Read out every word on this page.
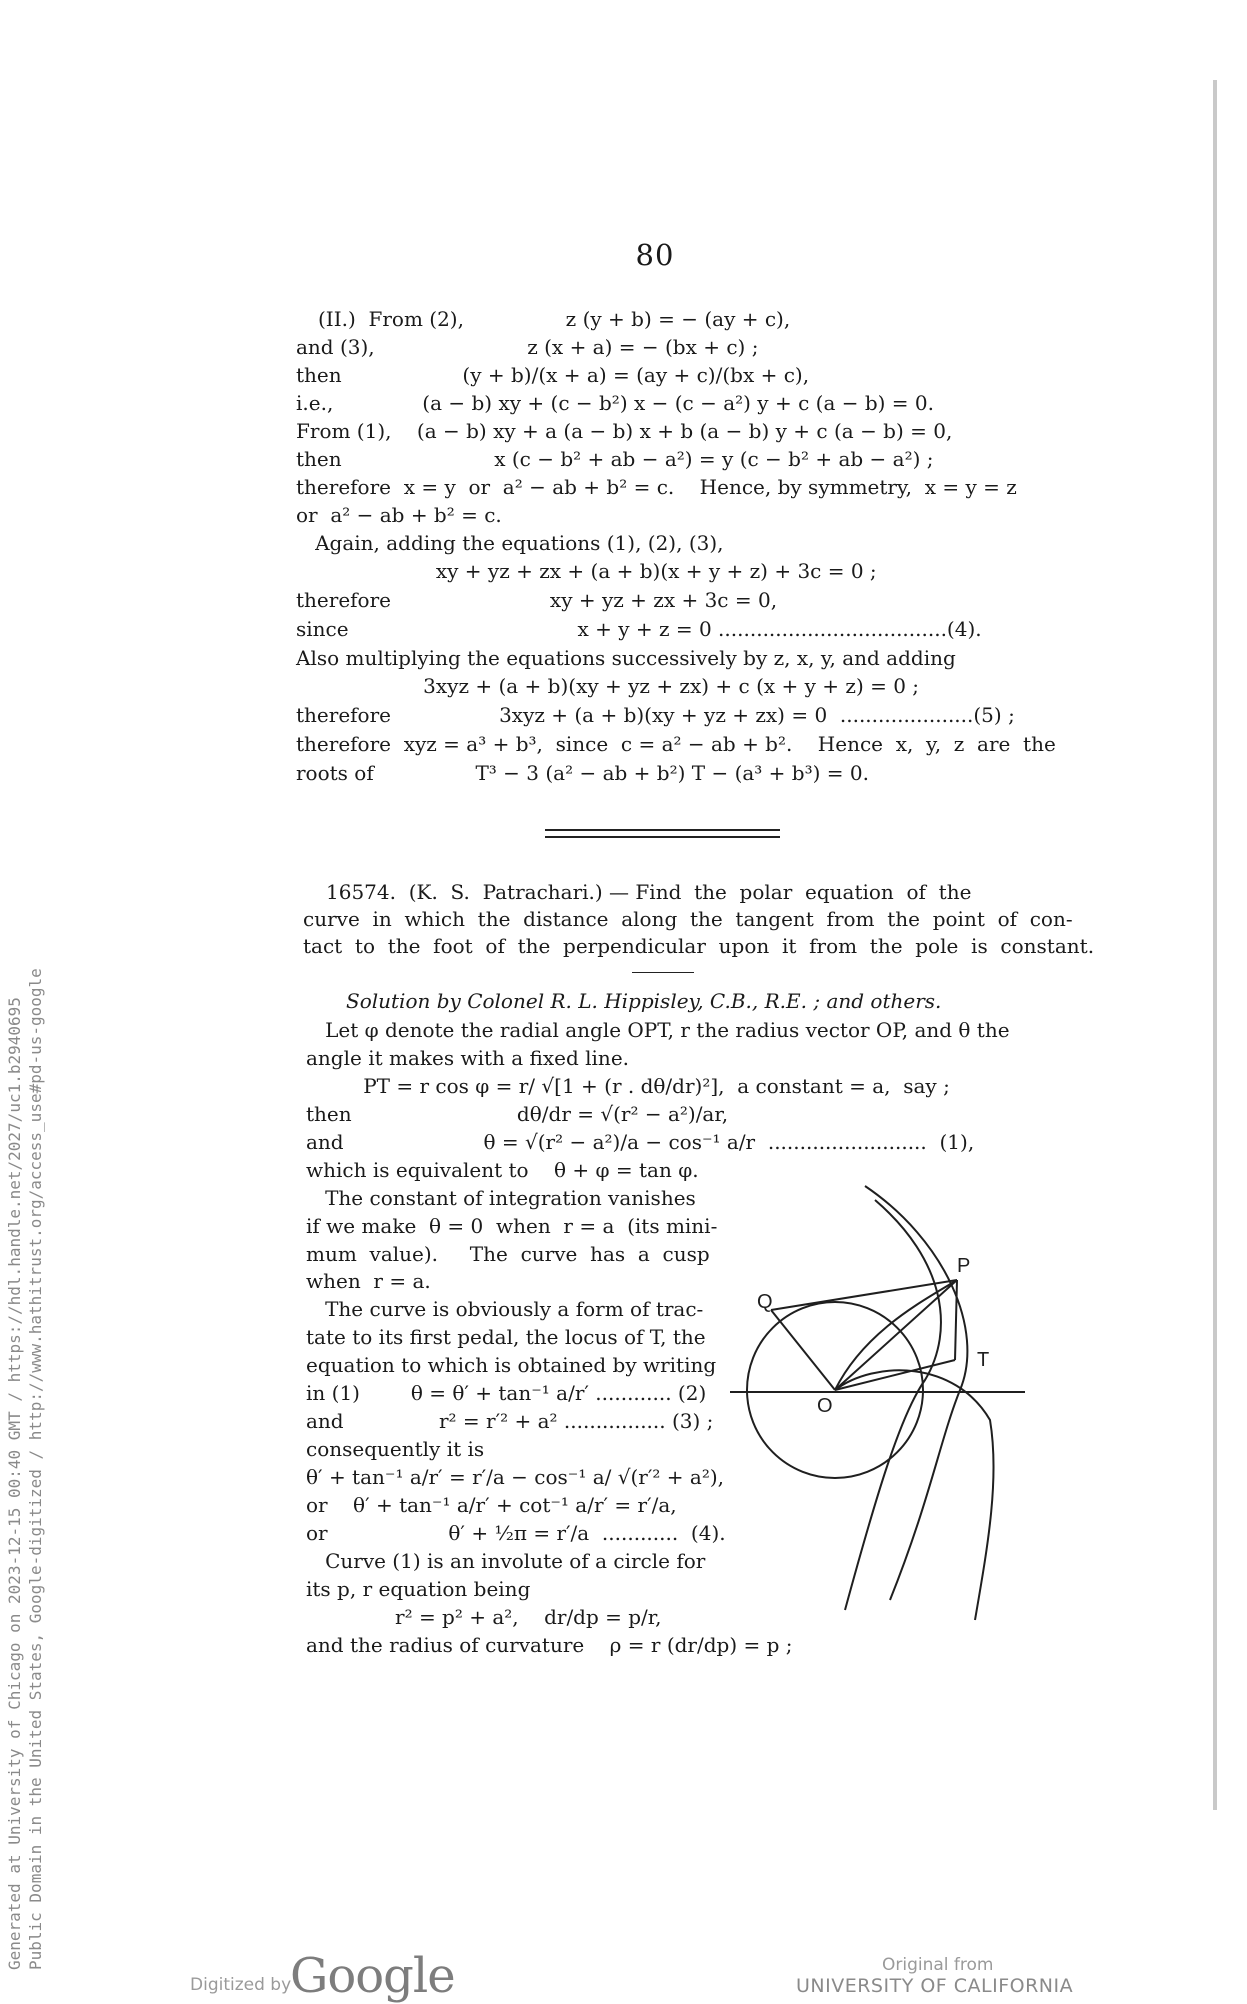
Generated at University of Chicago on 2023-12-15 00:40 GMT / https://hdl.handle.net/2027/uc1.b2940695 Public Domain in the United States, Google-digitized / http://www.hathitrust.org/access_use#pd-us-google
80
(II.)  From (2),                z (y + b) = − (ay + c),
and (3),                        z (x + a) = − (bx + c) ;
then                   (y + b)/(x + a) = (ay + c)/(bx + c),
i.e.,              (a − b) xy + (c − b²) x − (c − a²) y + c (a − b) = 0.
From (1),    (a − b) xy + a (a − b) x + b (a − b) y + c (a − b) = 0,
then                        x (c − b² + ab − a²) = y (c − b² + ab − a²) ;
therefore  x = y  or  a² − ab + b² = c.    Hence, by symmetry,  x = y = z
or  a² − ab + b² = c.
Again, adding the equations (1), (2), (3),
xy + yz + zx + (a + b)(x + y + z) + 3c = 0 ;
therefore                         xy + yz + zx + 3c = 0,
since                                    x + y + z = 0 ....................................(4).
Also multiplying the equations successively by z, x, y, and adding
3xyz + (a + b)(xy + yz + zx) + c (x + y + z) = 0 ;
therefore                 3xyz + (a + b)(xy + yz + zx) = 0  .....................(5) ;
therefore  xyz = a³ + b³,  since  c = a² − ab + b².    Hence  x,  y,  z  are  the
roots of                T³ − 3 (a² − ab + b²) T − (a³ + b³) = 0.
16574.  (K.  S.  Patrachari.) — Find  the  polar  equation  of  the
curve  in  which  the  distance  along  the  tangent  from  the  point  of  con-
tact  to  the  foot  of  the  perpendicular  upon  it  from  the  pole  is  constant.
Solution by Colonel R. L. Hippisley, C.B., R.E. ; and others.
Let φ denote the radial angle OPT, r the radius vector OP, and θ the
angle it makes with a fixed line.
PT = r cos φ = r/ √[1 + (r . dθ/dr)²],  a constant = a,  say ;
then                          dθ/dr = √(r² − a²)/ar,
and                      θ = √(r² − a²)/a − cos⁻¹ a/r  .........................  (1),
which is equivalent to    θ + φ = tan φ.
The constant of integration vanishes
if we make  θ = 0  when  r = a  (its mini-
mum  value).     The  curve  has  a  cusp
when  r = a.
The curve is obviously a form of trac-
tate to its first pedal, the locus of T, the
equation to which is obtained by writing
in (1)        θ = θ′ + tan⁻¹ a/r′ ............ (2)
and               r² = r′² + a² ................ (3) ;
consequently it is
θ′ + tan⁻¹ a/r′ = r′/a − cos⁻¹ a/ √(r′² + a²),
or    θ′ + tan⁻¹ a/r′ + cot⁻¹ a/r′ = r′/a,
or                   θ′ + ½π = r′/a  ............  (4).
Curve (1) is an involute of a circle for
its p, r equation being
r² = p² + a²,    dr/dp = p/r,
and the radius of curvature    ρ = r (dr/dp) = p ;
P
Q
T
O
Digitized by
Google	Original from
UNIVERSITY OF CALIFORNIA
